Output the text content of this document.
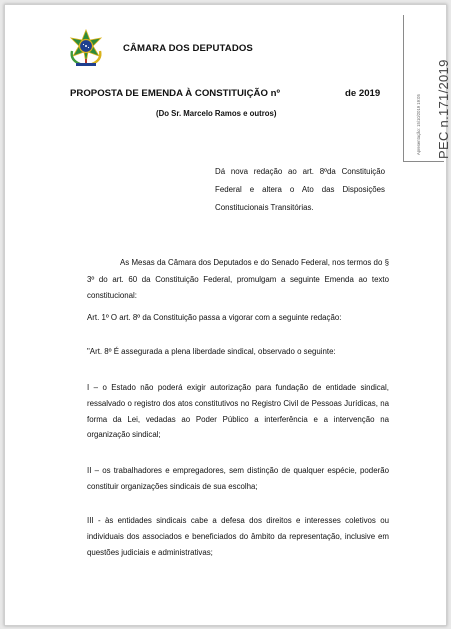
CÂMARA DOS DEPUTADOS
Apresentação: 15/10/2019 19:05 PEC n.171/2019
PROPOSTA DE EMENDA À CONSTITUIÇÃO nº	de 2019
(Do Sr. Marcelo Ramos e outros)
Dá nova redação ao art. 8ºda Constituição
Federal e altera o Ato das Disposições
Constitucionais Transitórias.

As Mesas da Câmara dos Deputados e do Senado Federal, nos termos do § 3º do art. 60 da Constituição Federal, promulgam a seguinte Emenda ao texto constitucional:

Art. 1º O art. 8º da Constituição passa a vigorar com a seguinte redação:

"Art. 8º É assegurada a plena liberdade sindical, observado o seguinte:

I – o Estado não poderá exigir autorização para fundação de entidade sindical, ressalvado o registro dos atos constitutivos no Registro Civil de Pessoas Jurídicas, na forma da Lei, vedadas ao Poder Público a interferência e a intervenção na organização sindical;

II – os trabalhadores e empregadores, sem distinção de qualquer espécie, poderão constituir organizações sindicais de sua escolha;

III - às entidades sindicais cabe a defesa dos direitos e interesses coletivos ou individuais dos associados e beneficiados do âmbito da representação, inclusive em questões judiciais e administrativas;
